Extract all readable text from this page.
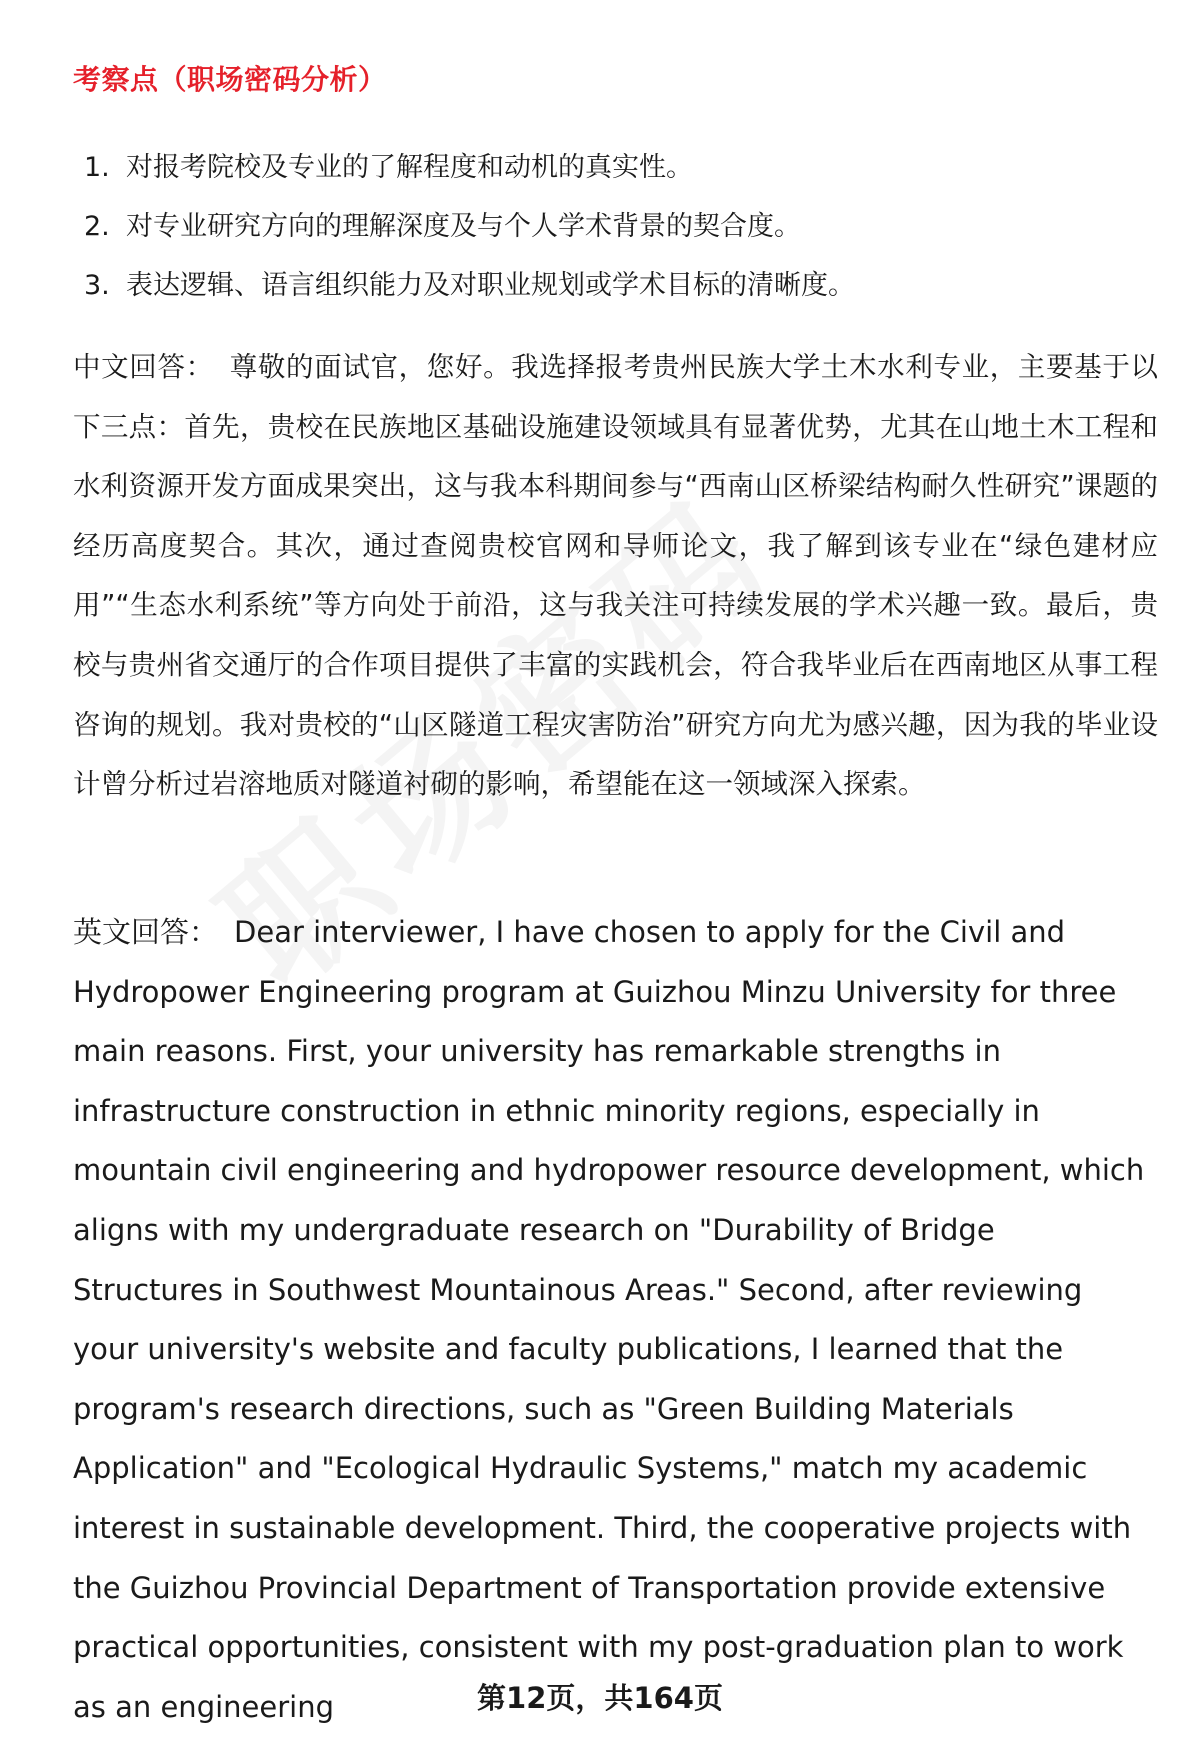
考察点（职场密码分析）
1. 对报考院校及专业的了解程度和动机的真实性。
2. 对专业研究方向的理解深度及与个人学术背景的契合度。
3. 表达逻辑、语言组织能力及对职业规划或学术目标的清晰度。
中文回答： 尊敬的面试官，您好。我选择报考贵州民族大学土木水利专业，主要基于以下三点：首先，贵校在民族地区基础设施建设领域具有显著优势，尤其在山地土木工程和水利资源开发方面成果突出，这与我本科期间参与“西南山区桥梁结构耐久性研究”课题的经历高度契合。其次，通过查阅贵校官网和导师论文，我了解到该专业在“绿色建材应用”“生态水利系统”等方向处于前沿，这与我关注可持续发展的学术兴趣一致。最后，贵校与贵州省交通厅的合作项目提供了丰富的实践机会，符合我毕业后在西南地区从事工程咨询的规划。我对贵校的“山区隧道工程灾害防治”研究方向尤为感兴趣，因为我的毕业设计曾分析过岩溶地质对隧道衬砌的影响，希望能在这一领域深入探索。
英文回答： Dear interviewer, I have chosen to apply for the Civil and Hydropower Engineering program at Guizhou Minzu University for three main reasons. First, your university has remarkable strengths in infrastructure construction in ethnic minority regions, especially in mountain civil engineering and hydropower resource development, which aligns with my undergraduate research on "Durability of Bridge Structures in Southwest Mountainous Areas." Second, after reviewing your university's website and faculty publications, I learned that the program's research directions, such as "Green Building Materials Application" and "Ecological Hydraulic Systems," match my academic interest in sustainable development. Third, the cooperative projects with the Guizhou Provincial Department of Transportation provide extensive practical opportunities, consistent with my post-graduation plan to work as an engineering	第12页，共164页
